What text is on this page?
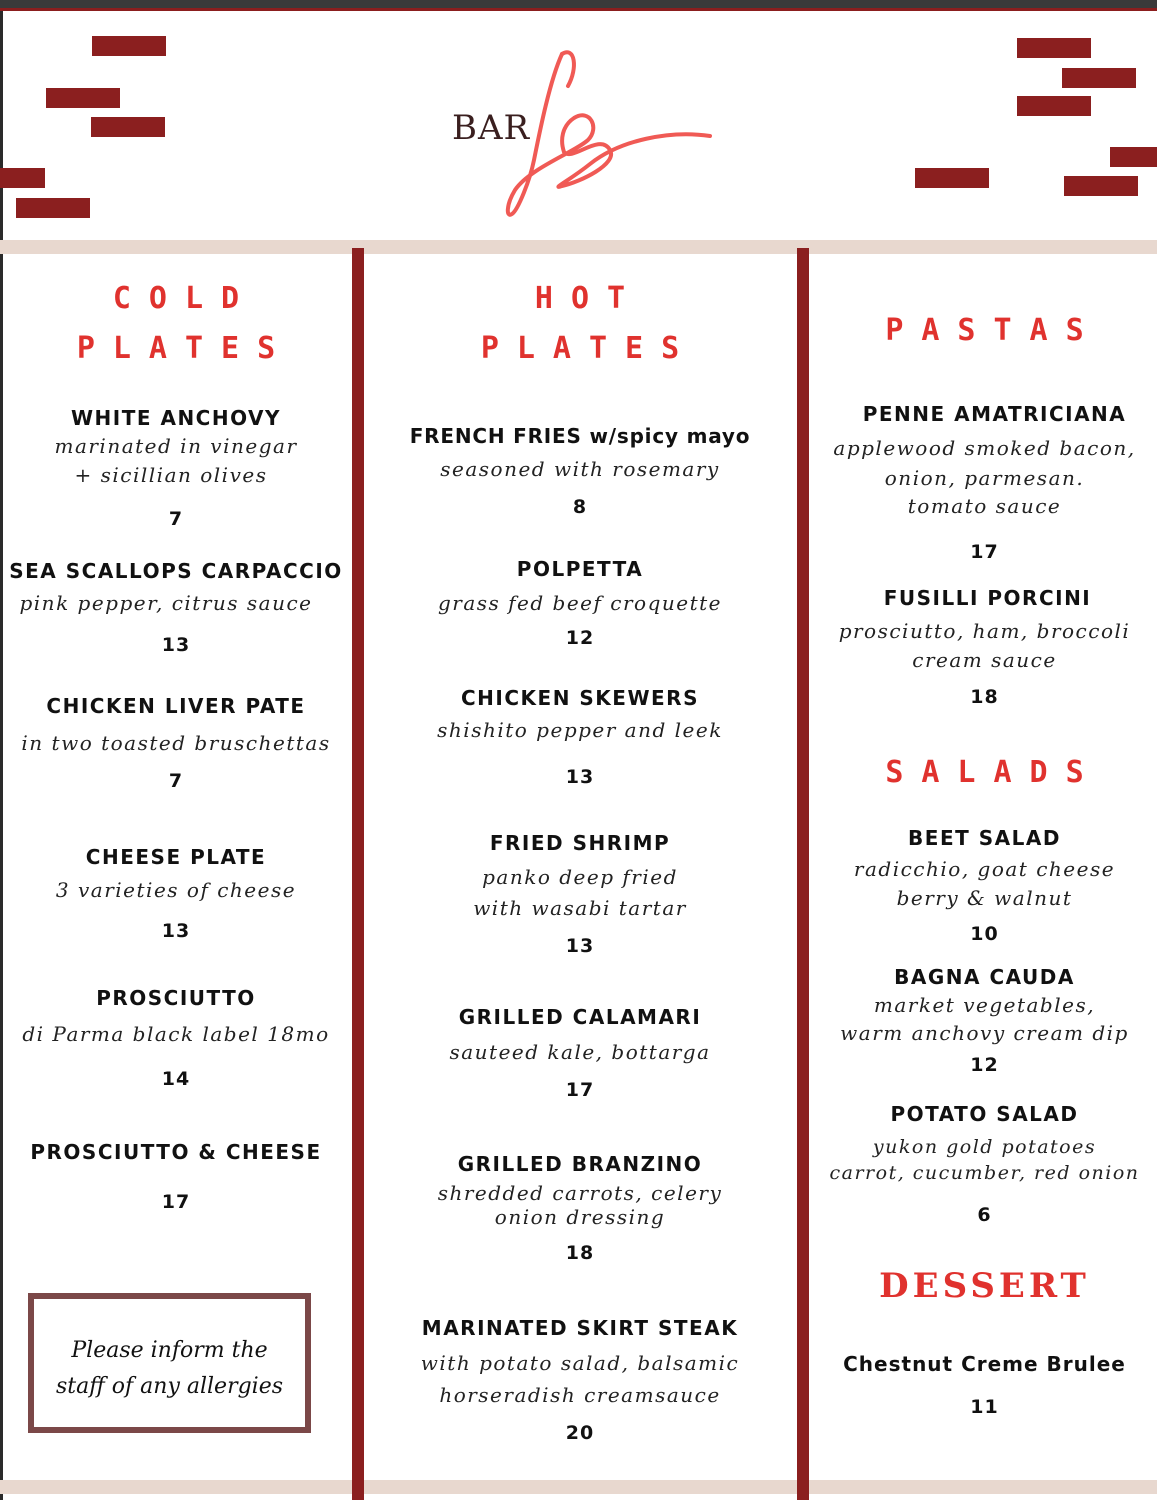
BAR
COLD
PLATES
WHITE ANCHOVY
marinated in vinegar
+ sicillian olives
7
SEA SCALLOPS CARPACCIO
pink pepper, citrus sauce
13
CHICKEN LIVER PATE
in two toasted bruschettas
7
CHEESE PLATE
3 varieties of cheese
13
PROSCIUTTO
di Parma black label 18mo
14
PROSCIUTTO & CHEESE
17
Please inform the
staff of any allergies
HOT
PLATES
FRENCH FRIES w/spicy mayo
seasoned with rosemary
8
POLPETTA
grass fed beef croquette
12
CHICKEN SKEWERS
shishito pepper and leek
13
FRIED SHRIMP
panko deep fried
with wasabi tartar
13
GRILLED CALAMARI
sauteed kale, bottarga
17
GRILLED BRANZINO
shredded carrots, celery
onion dressing
18
MARINATED SKIRT STEAK
with potato salad, balsamic
horseradish creamsauce
20
PASTAS
PENNE AMATRICIANA
applewood smoked bacon,
onion, parmesan.
tomato sauce
17
FUSILLI PORCINI
prosciutto, ham, broccoli
cream sauce
18
SALADS
BEET SALAD
radicchio, goat cheese
berry & walnut
10
BAGNA CAUDA
market vegetables,
warm anchovy cream dip
12
POTATO SALAD
yukon gold potatoes
carrot, cucumber, red onion
6
DESSERT
Chestnut Creme Brulee
11
